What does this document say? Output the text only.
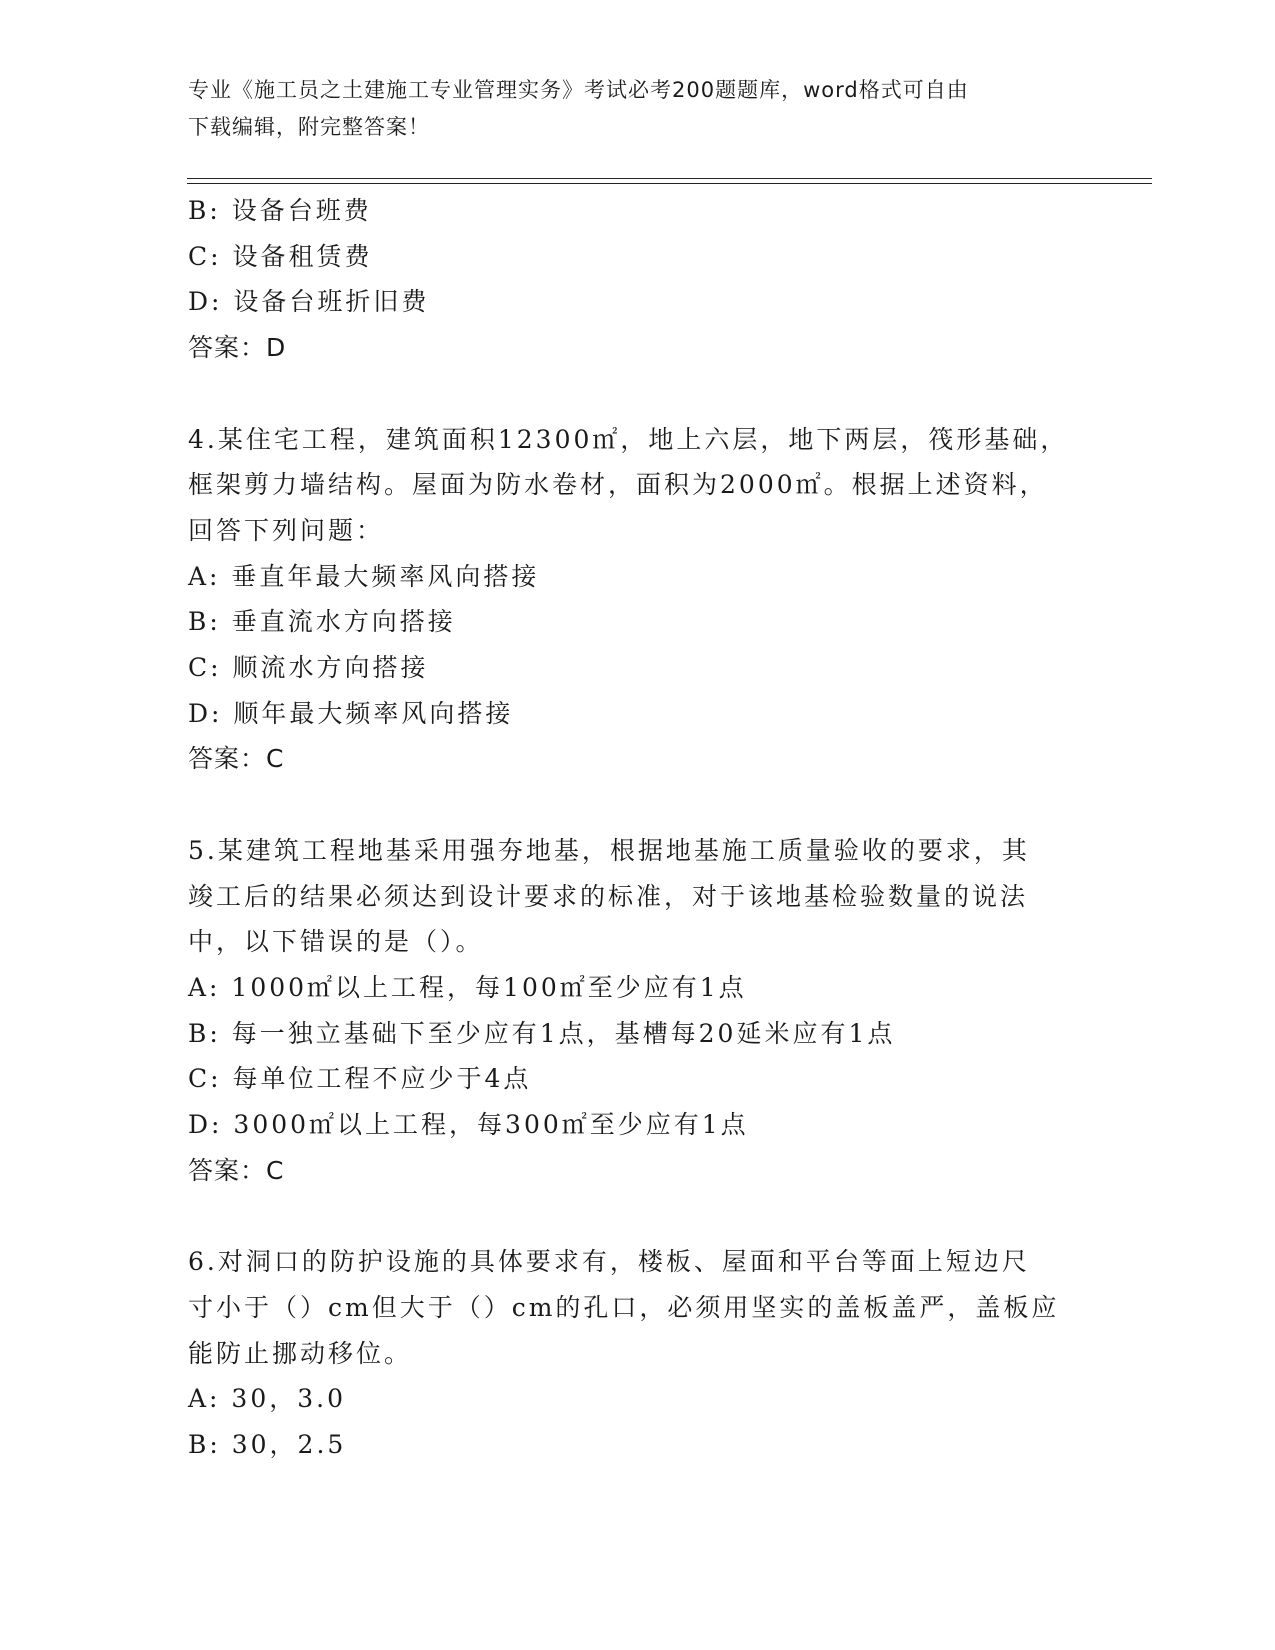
专业《施工员之土建施工专业管理实务》考试必考200题题库，word格式可自由
下载编辑，附完整答案！
B: 设备台班费
C: 设备租赁费
D: 设备台班折旧费
答案：D
4.某住宅工程，建筑面积12300㎡，地上六层，地下两层，筏形基础，
框架剪力墙结构。屋面为防水卷材，面积为2000㎡。根据上述资料，
回答下列问题：
A: 垂直年最大频率风向搭接
B: 垂直流水方向搭接
C: 顺流水方向搭接
D: 顺年最大频率风向搭接
答案：C
5.某建筑工程地基采用强夯地基，根据地基施工质量验收的要求，其
竣工后的结果必须达到设计要求的标准，对于该地基检验数量的说法
中，以下错误的是（）。
A: 1000㎡以上工程，每100㎡至少应有1点
B: 每一独立基础下至少应有1点，基槽每20延米应有1点
C: 每单位工程不应少于4点
D: 3000㎡以上工程，每300㎡至少应有1点
答案：C
6.对洞口的防护设施的具体要求有，楼板、屋面和平台等面上短边尺
寸小于（）cm但大于（）cm的孔口，必须用坚实的盖板盖严，盖板应
能防止挪动移位。
A: 30，3.0
B: 30，2.5
